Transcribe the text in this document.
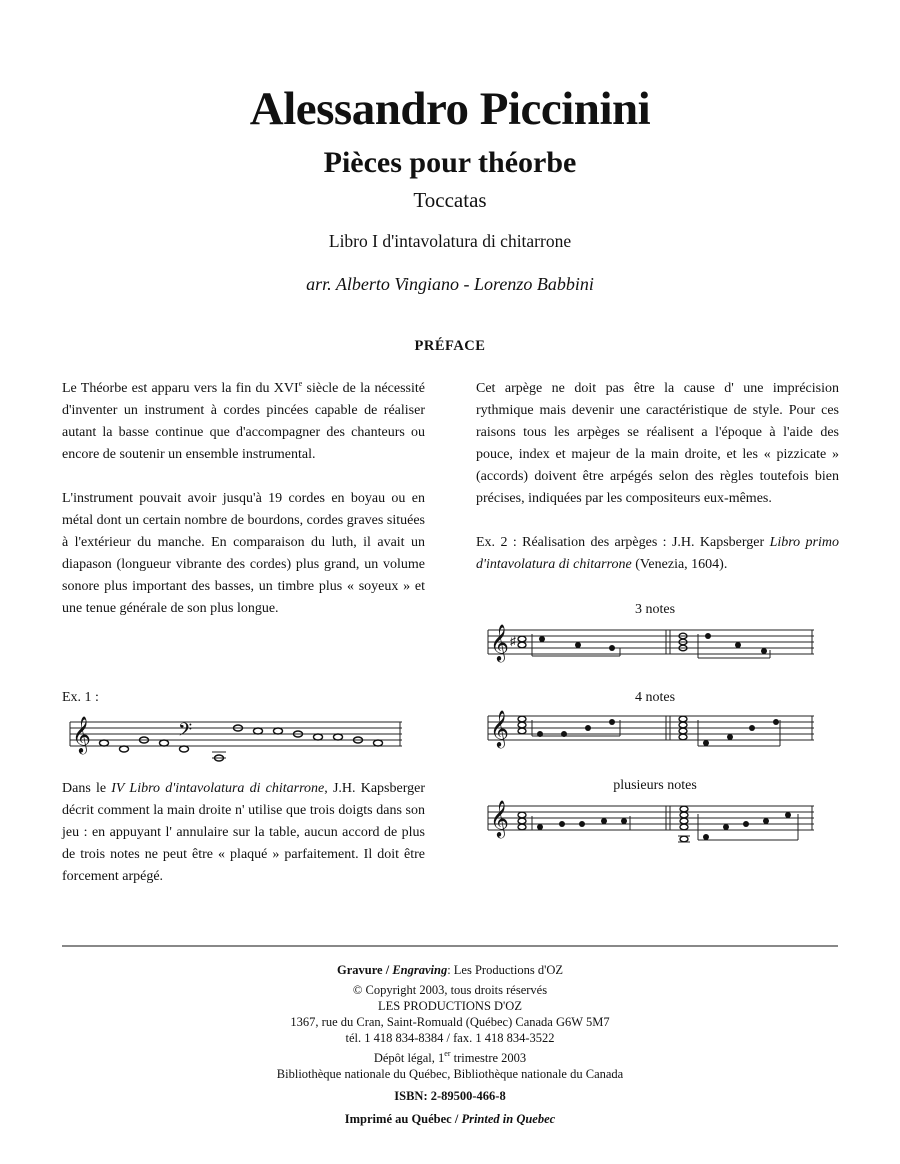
Alessandro Piccinini
Pièces pour théorbe
Toccatas
Libro I d'intavolatura di chitarrone
arr. Alberto Vingiano - Lorenzo Babbini
PRÉFACE

Le Théorbe est apparu vers la fin du XVIe siècle de la nécessité d'inventer un instrument à cordes pincées capable de réaliser autant la basse continue que d'accompagner des chanteurs ou encore de soutenir un ensemble instrumental.

L'instrument pouvait avoir jusqu'à 19 cordes en boyau ou en métal dont un certain nombre de bourdons, cordes graves situées à l'extérieur du manche. En comparaison du luth, il avait un diapason (longueur vibrante des cordes) plus grand, un volume sonore plus important des basses, un timbre plus « soyeux » et une tenue générale de son plus longue.

Ex. 1 :
𝄞	𝄢

Dans le IV Libro d'intavolatura di chitarrone, J.H. Kapsberger décrit comment la main droite n' utilise que trois doigts dans son jeu : en appuyant l' annulaire sur la table, aucun accord de plus de trois notes ne peut être « plaqué » parfaitement. Il doit être forcement arpégé.

Cet arpège ne doit pas être la cause d' une imprécision rythmique mais devenir une caractéristique de style. Pour ces raisons tous les arpèges se réalisent a l'époque à l'aide des pouce, index et majeur de la main droite, et les « pizzicate » (accords) doivent être arpégés selon des règles toutefois bien précises, indiquées par les compositeurs eux-mêmes.

Ex. 2 : Réalisation des arpèges : J.H. Kapsberger Libro primo d'intavolatura di chitarrone (Venezia, 1604).

3 notes
𝄞 ♯
4 notes
𝄞
plusieurs notes
𝄞
Gravure / Engraving: Les Productions d'OZ
© Copyright 2003, tous droits réservés
LES PRODUCTIONS D'OZ
1367, rue du Cran, Saint-Romuald (Québec) Canada G6W 5M7
tél. 1 418 834-8384 / fax. 1 418 834-3522
Dépôt légal, 1er trimestre 2003
Bibliothèque nationale du Québec, Bibliothèque nationale du Canada
ISBN: 2-89500-466-8
Imprimé au Québec / Printed in Quebec
